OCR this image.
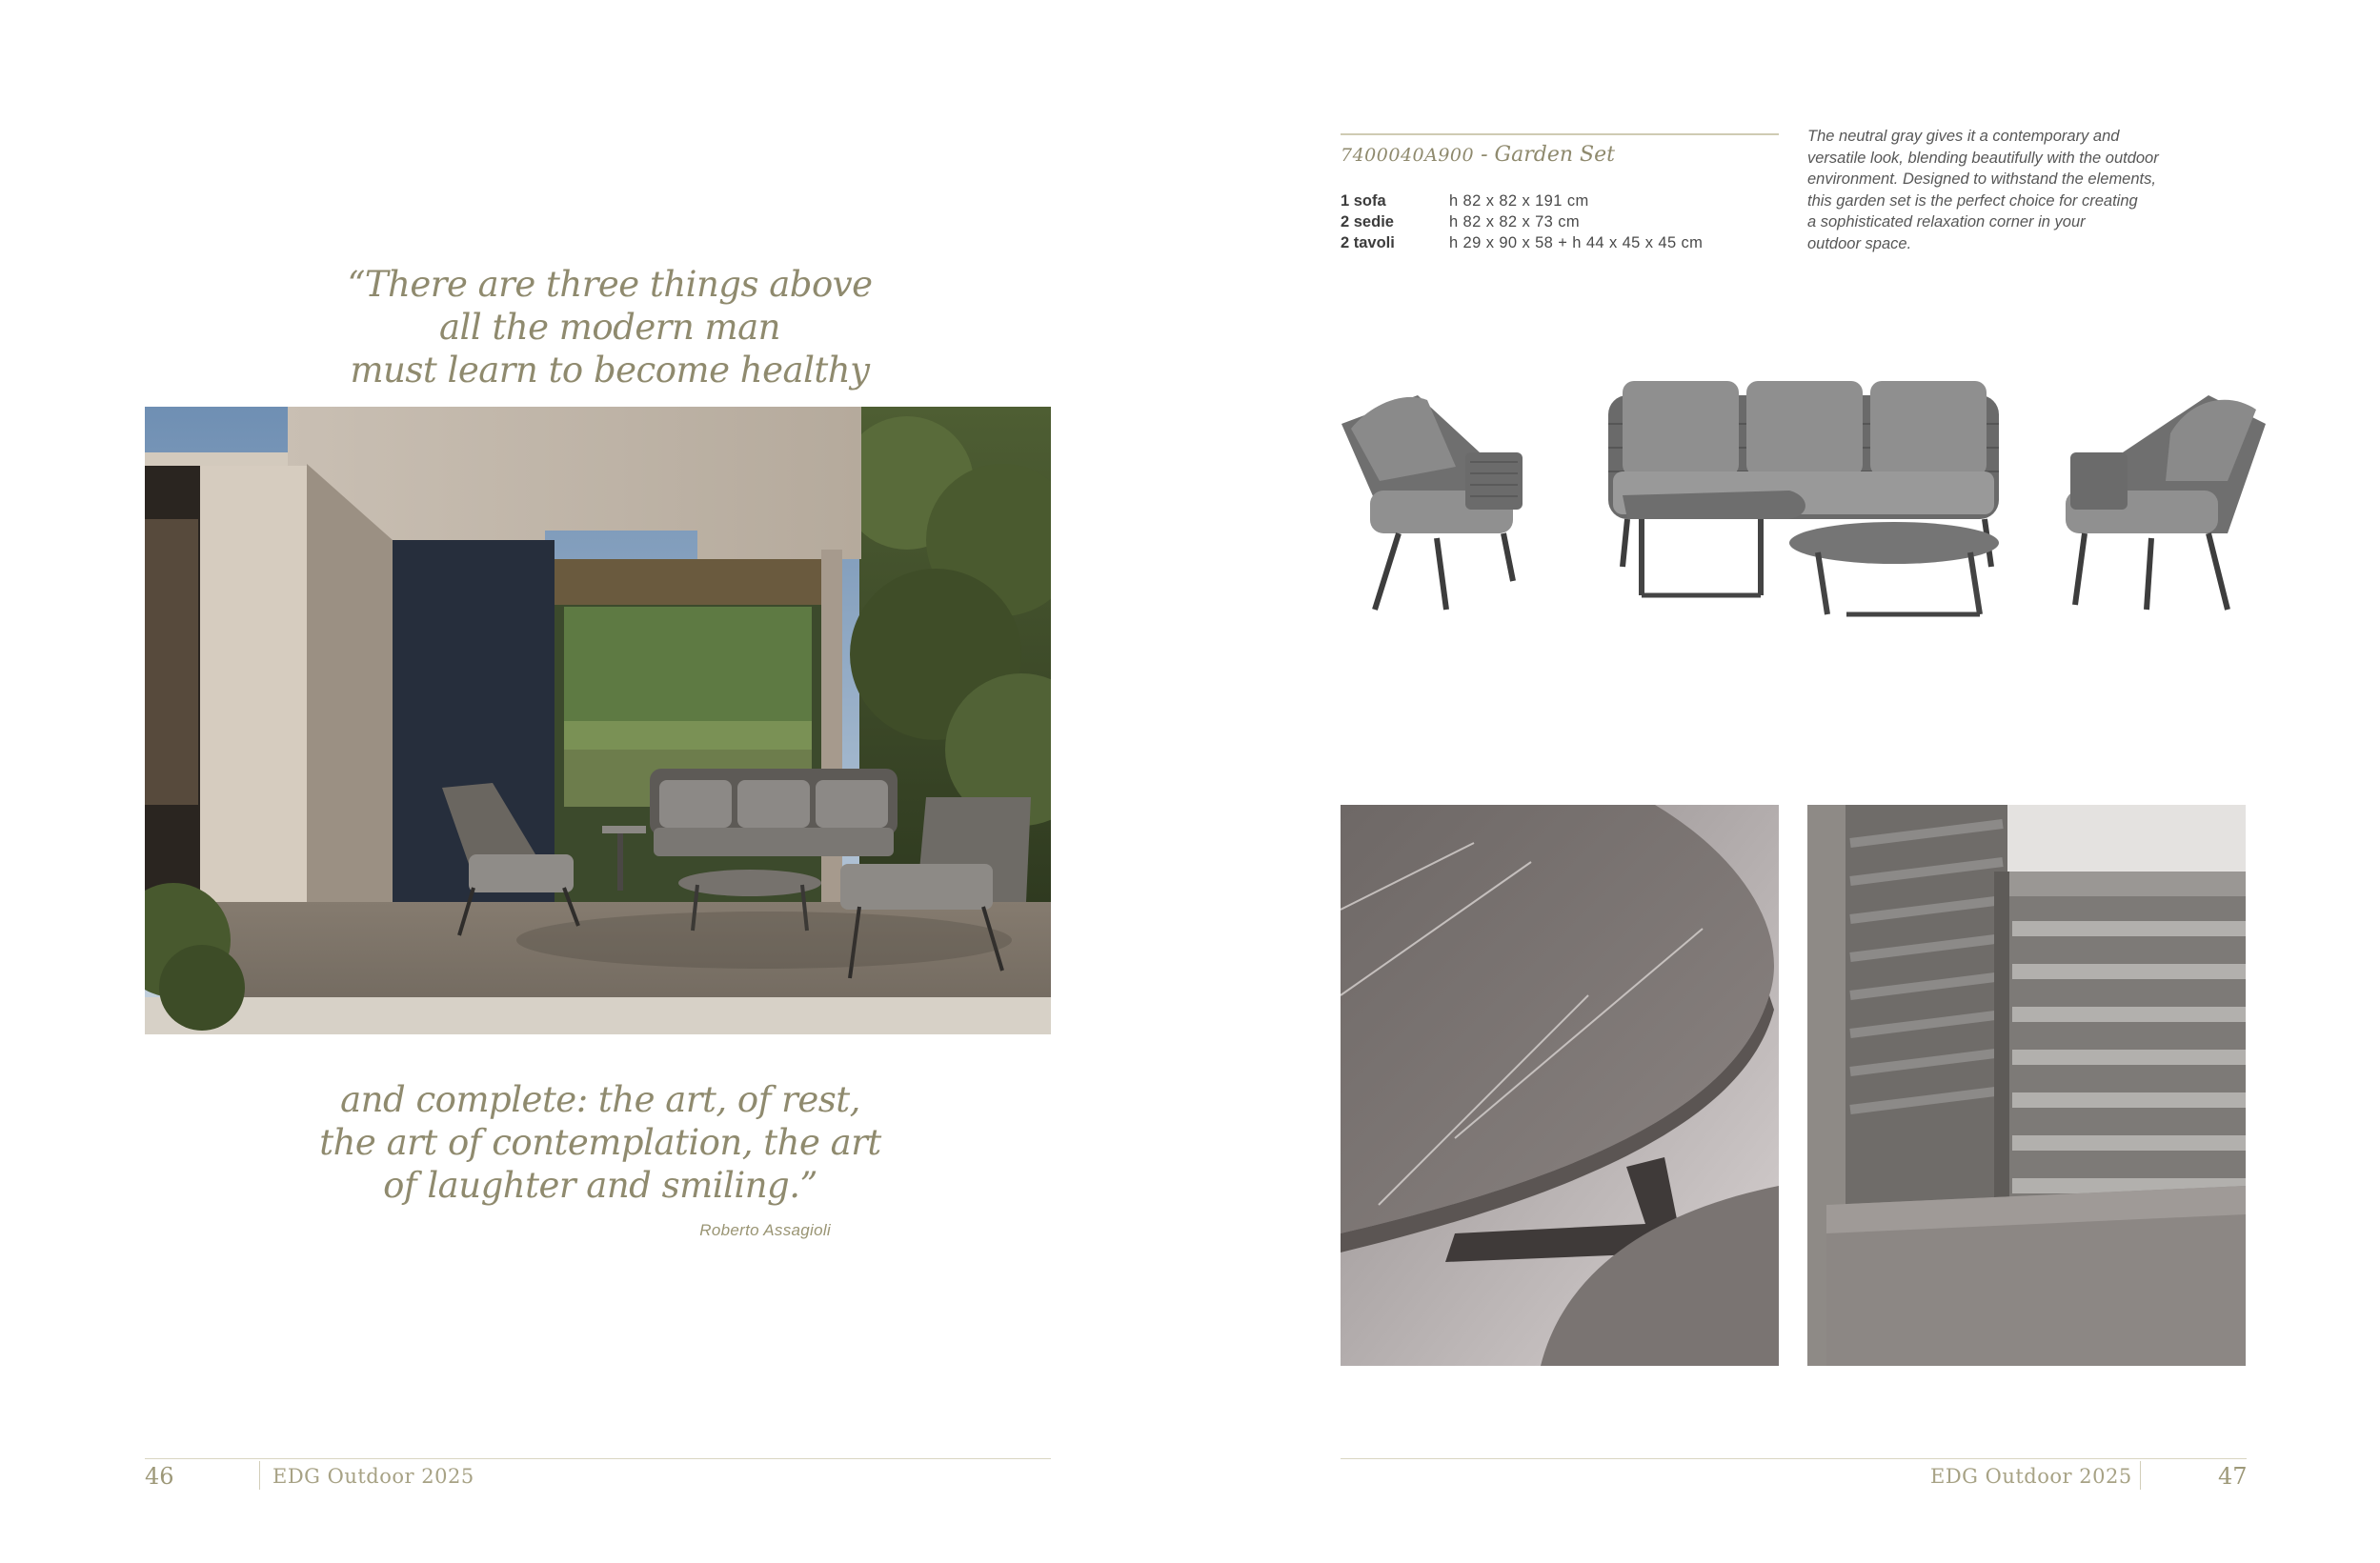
“There are three things above
all the modern man
must learn to become healthy
and complete: the art, of rest,
the art of contemplation, the art
of laughter and smiling.”
Roberto Assagioli
7400040A900 - Garden Set
1 sofa	h 82 x 82 x 191 cm
2 sedie	h 82 x 82 x 73 cm
2 tavoli	h 29 x 90 x 58 + h 44 x 45 x 45 cm
The neutral gray gives it a contemporary and
versatile look, blending beautifully with the outdoor
environment. Designed to withstand the elements,
this garden set is the perfect choice for creating
a sophisticated relaxation corner in your
outdoor space.
46	EDG Outdoor 2025	EDG Outdoor 2025	47
